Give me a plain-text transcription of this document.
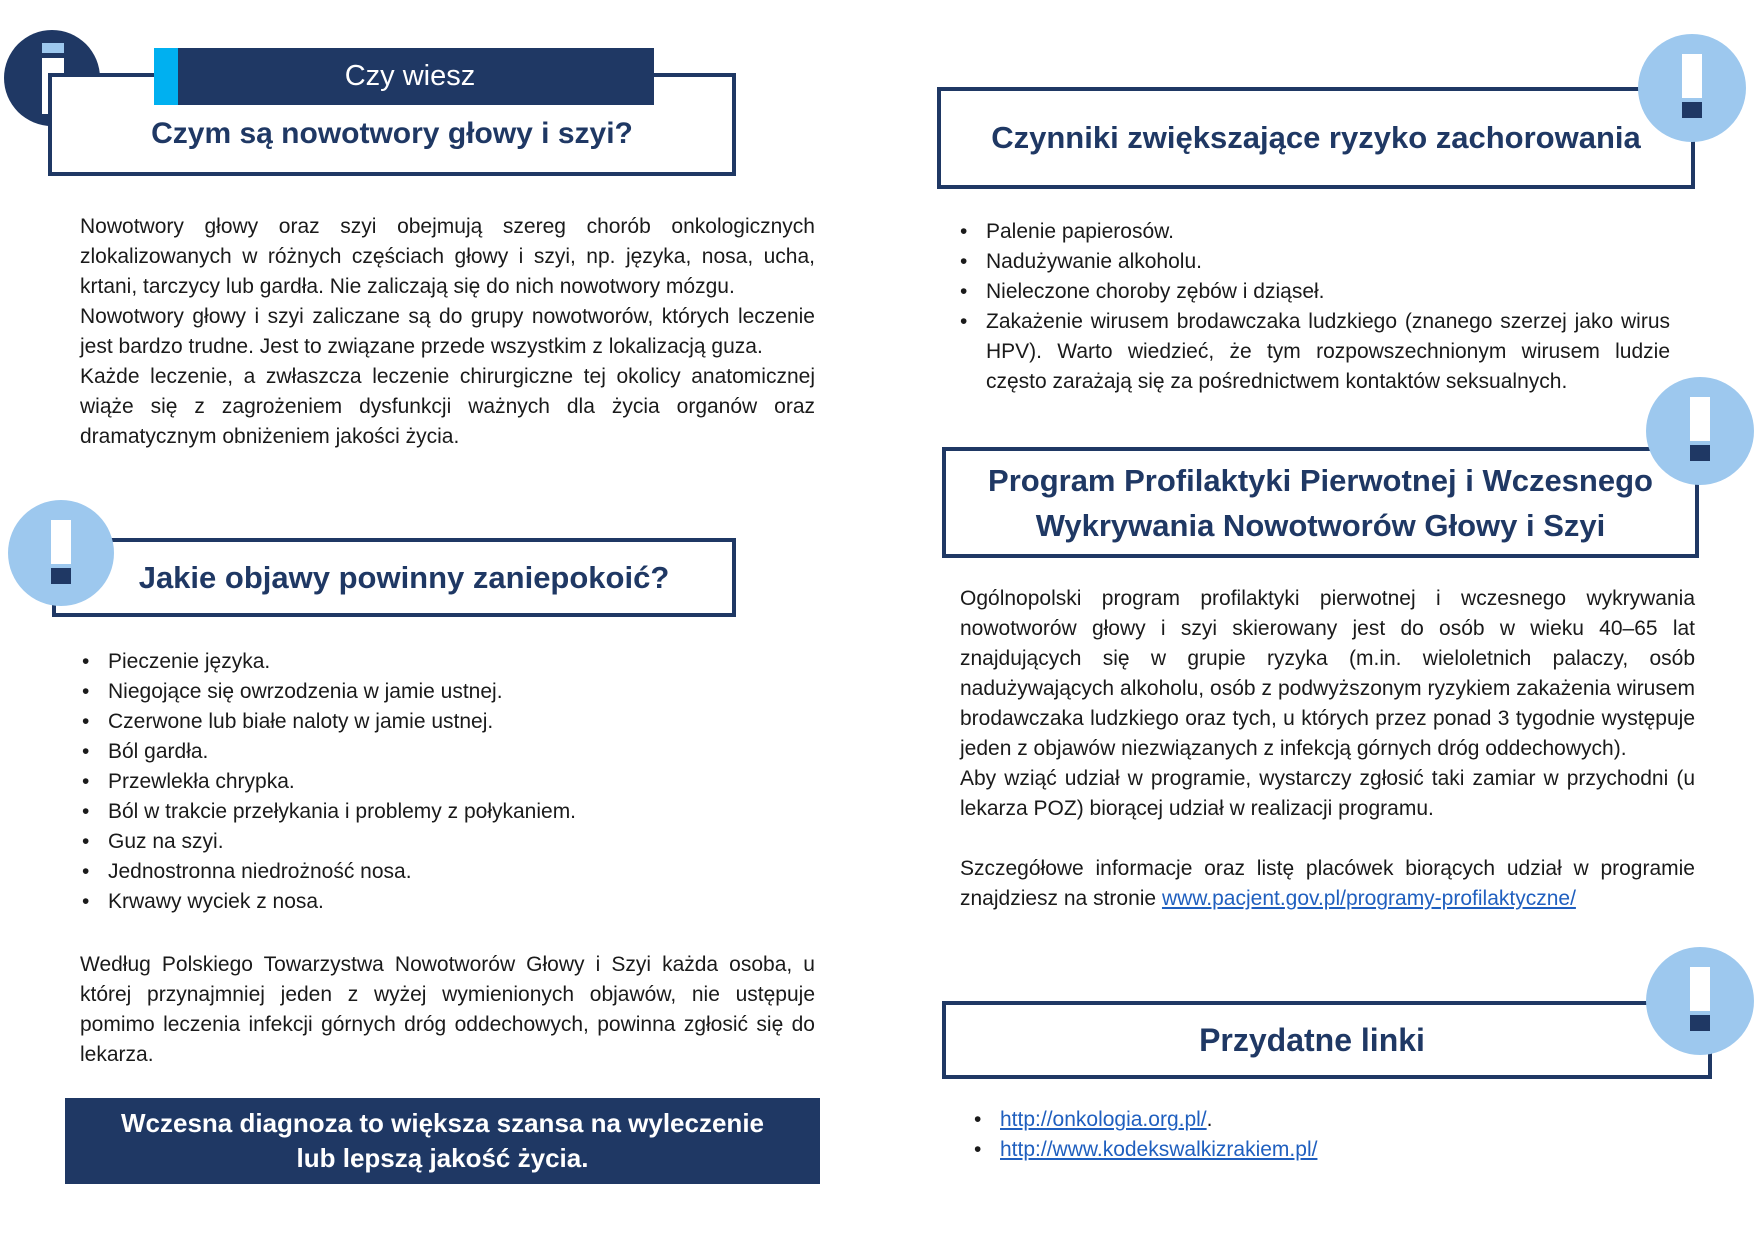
Czym są nowotwory głowy i szyi?
Czy wiesz

Nowotwory głowy oraz szyi obejmują szereg chorób onkologicznych zlokalizowanych w różnych częściach głowy i szyi, np. języka, nosa, ucha, krtani, tarczycy lub gardła. Nie zaliczają się do nich nowotwory mózgu.

Nowotwory głowy i szyi zaliczane są do grupy nowotworów, których leczenie jest bardzo trudne. Jest to związane przede wszystkim z lokalizacją guza.

Każde leczenie, a zwłaszcza leczenie chirurgiczne tej okolicy anatomicznej wiąże się z zagrożeniem dysfunkcji ważnych dla życia organów oraz dramatycznym obniżeniem jakości życia.

Jakie objawy powinny zaniepokoić?
• Pieczenie języka.
• Niegojące się owrzodzenia w jamie ustnej.
• Czerwone lub białe naloty w jamie ustnej.
• Ból gardła.
• Przewlekła chrypka.
• Ból w trakcie przełykania i problemy z połykaniem.
• Guz na szyi.
• Jednostronna niedrożność nosa.
• Krwawy wyciek z nosa.

Według Polskiego Towarzystwa Nowotworów Głowy i Szyi każda osoba, u której przynajmniej jeden z wyżej wymienionych objawów, nie ustępuje pomimo leczenia infekcji górnych dróg oddechowych, powinna zgłosić się do lekarza.

Wczesna diagnoza to większa szansa na wyleczenie lub lepszą jakość życia.
Czynniki zwiększające ryzyko zachorowania
• Palenie papierosów.
• Nadużywanie alkoholu.
• Nieleczone choroby zębów i dziąseł.
• Zakażenie wirusem brodawczaka ludzkiego (znanego szerzej jako wirus HPV). Warto wiedzieć, że tym rozpowszechnionym wirusem ludzie często zarażają się za pośrednictwem kontaktów seksualnych.
Program Profilaktyki Pierwotnej i Wczesnego
Wykrywania Nowotworów Głowy i Szyi

Ogólnopolski program profilaktyki pierwotnej i wczesnego wykrywania nowotworów głowy i szyi skierowany jest do osób w wieku 40–65 lat znajdujących się w grupie ryzyka (m.in. wieloletnich palaczy, osób nadużywających alkoholu, osób z podwyższonym ryzykiem zakażenia wirusem brodawczaka ludzkiego oraz tych, u których przez ponad 3 tygodnie występuje jeden z objawów niezwiązanych z infekcją górnych dróg oddechowych).

Aby wziąć udział w programie, wystarczy zgłosić taki zamiar w przychodni (u lekarza POZ) biorącej udział w realizacji programu.

Szczegółowe informacje oraz listę placówek biorących udział w programie znajdziesz na stronie www.pacjent.gov.pl/programy-profilaktyczne/

Przydatne linki
• http://onkologia.org.pl/.
• http://www.kodekswalkizrakiem.pl/
